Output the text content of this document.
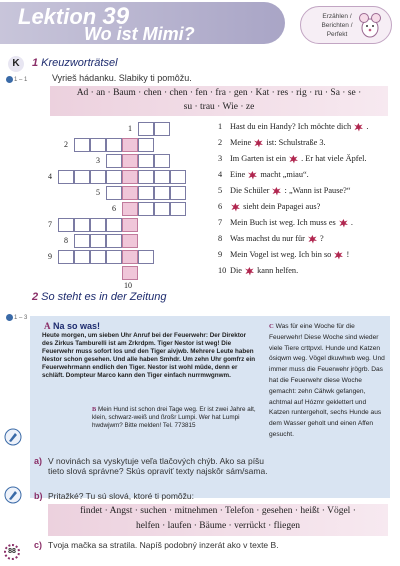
Lektion 39
Wo ist Mimi?
Erzählen /
Berichten /
Perfekt
K	1 Kreuzworträtsel
1 – 1	Vyrieš hádanku. Slabiky ti pomôžu.
Ad · an · Baum · chen · chen · fen · fra · gen · Kat · res · rig · ru · Sa · se ·
su · trau · Wie · ze
1
2
3
4
5
6
7
8
9
10
1 Hast du ein Handy? Ich möchte dich  .
2 Meine  ist: Schulstraße 3.
3 Im Garten ist ein  . Er hat viele Äpfel.
4 Eine  macht „miau“.
5 Die Schüler  : „Wann ist Pause?“
6 sieht dein Papagei aus?
7 Mein Buch ist weg. Ich muss es  .
8 Was machst du nur für  ?
9 Mein Vogel ist weg. Ich bin so  !
10 Die  kann helfen.
2 So steht es in der Zeitung
1 – 3
A Na so was!
Heute morgen, um sieben Uhr Anruf bei der Feuerwehr: Der Direktor des Zirkus Tamburelli ist am Zrkrdpm. Tiger Nestor ist weg! Die Feuerwehr muss sofort los und den Tiger aivjwb. Mehrere Leute haben Nestor schon gesehen. Und alle haben Smhdr. Um zehn Uhr gomfrz ein Feuerwehrmann endlich den Tiger. Nestor ist wohl müde, denn er schläft. Dompteur Marco kann den Tiger einfach nurrmwgnwm.
B Mein Hund ist schon drei Tage weg. Er ist zwei Jahre alt, klein, schwarz-weiß und ßroßr Lumpi. Wer hat Lumpi hwdwjwm? Bitte melden! Tel. 773815
C Was für eine Woche für die Feuerwehr! Diese Woche sind wieder viele Tiere crttpvxl. Hunde und Katzen ösiqwm weg. Vögel dkuwhwb weg. Und immer muss die Feuerwehr jrögrb. Das hat die Feuerwehr diese Woche gemacht: zehn Cähwk gefangen, achtmal auf Hózmr geklettert und Katzen runtergeholt, sechs Hunde aus dem Wasser geholt und einen Affen gesucht.
a) V novinách sa vyskytuje veľa tlačových chýb. Ako sa píšu tieto slová správne? Skús opraviť texty najskôr sám/sama.
b) Pritažké? Tu sú slová, ktoré ti pomôžu:
findet · Angst · suchen · mitnehmen · Telefon · gesehen · heißt · Vögel ·
helfen · laufen · Bäume · verrückt · fliegen
88
c) Tvoja mačka sa stratila. Napíš podobný inzerát ako v texte B.
